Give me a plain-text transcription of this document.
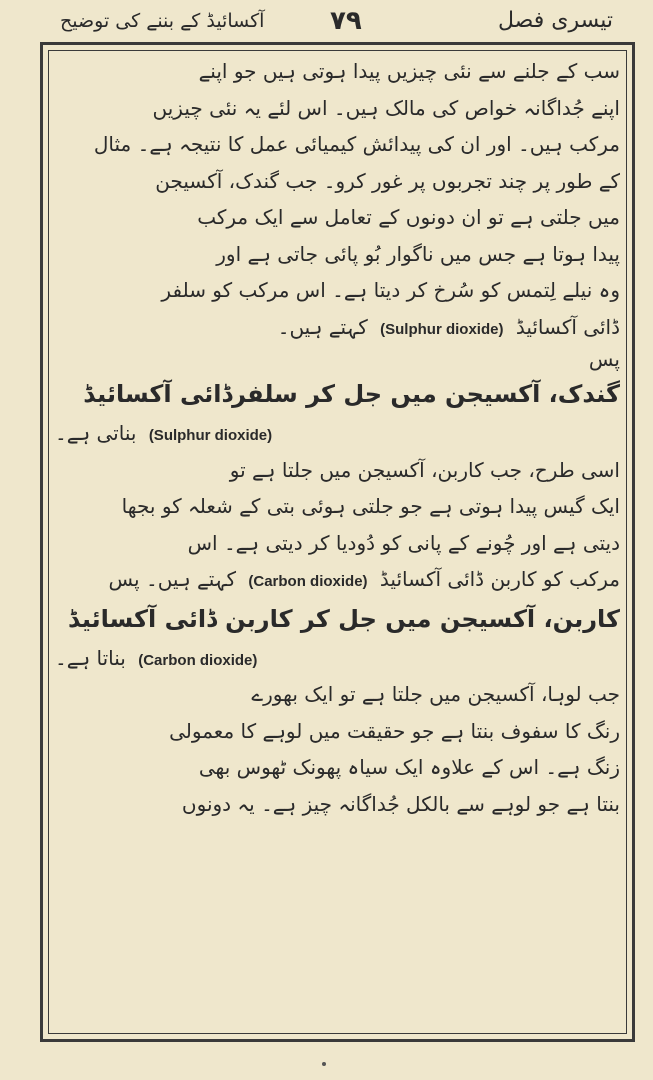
تیسری فصل
۷۹
آکسائیڈ کے بننے کی توضیح
سب کے جلنے سے نئی چیزیں پیدا ہوتی ہیں جو اپنے
اپنے جُداگانہ خواص کی مالک ہیں۔ اس لئے یہ نئی چیزیں
مرکب ہیں۔ اور ان کی پیدائش کیمیائی عمل کا نتیجہ ہے۔ مثال
کے طور پر چند تجربوں پر غور کرو۔ جب گندک، آکسیجن
میں جلتی ہے تو ان دونوں کے تعامل سے ایک مرکب
پیدا ہوتا ہے جس میں ناگوار بُو پائی جاتی ہے اور
وہ نیلے لِتمس کو سُرخ کر دیتا ہے۔ اس مرکب کو سلفر
ڈائی آکسائیڈ (Sulphur dioxide) کہتے ہیں۔
پس
گندک، آکسیجن میں جل کر سلفرڈائی آکسائیڈ
(Sulphur dioxide) بناتی ہے۔
اسی طرح، جب کاربن، آکسیجن میں جلتا ہے تو
ایک گیس پیدا ہوتی ہے جو جلتی ہوئی بتی کے شعلہ کو بجھا
دیتی ہے اور چُونے کے پانی کو دُودیا کر دیتی ہے۔ اس
مرکب کو کاربن ڈائی آکسائیڈ (Carbon dioxide) کہتے ہیں۔ پس
کاربن، آکسیجن میں جل کر کاربن ڈائی آکسائیڈ
(Carbon dioxide) بناتا ہے۔
جب لوہا، آکسیجن میں جلتا ہے تو ایک بھورے
رنگ کا سفوف بنتا ہے جو حقیقت میں لوہے کا معمولی
زنگ ہے۔ اس کے علاوہ ایک سیاہ پھونک ٹھوس بھی
بنتا ہے جو لوہے سے بالکل جُداگانہ چیز ہے۔ یہ دونوں
